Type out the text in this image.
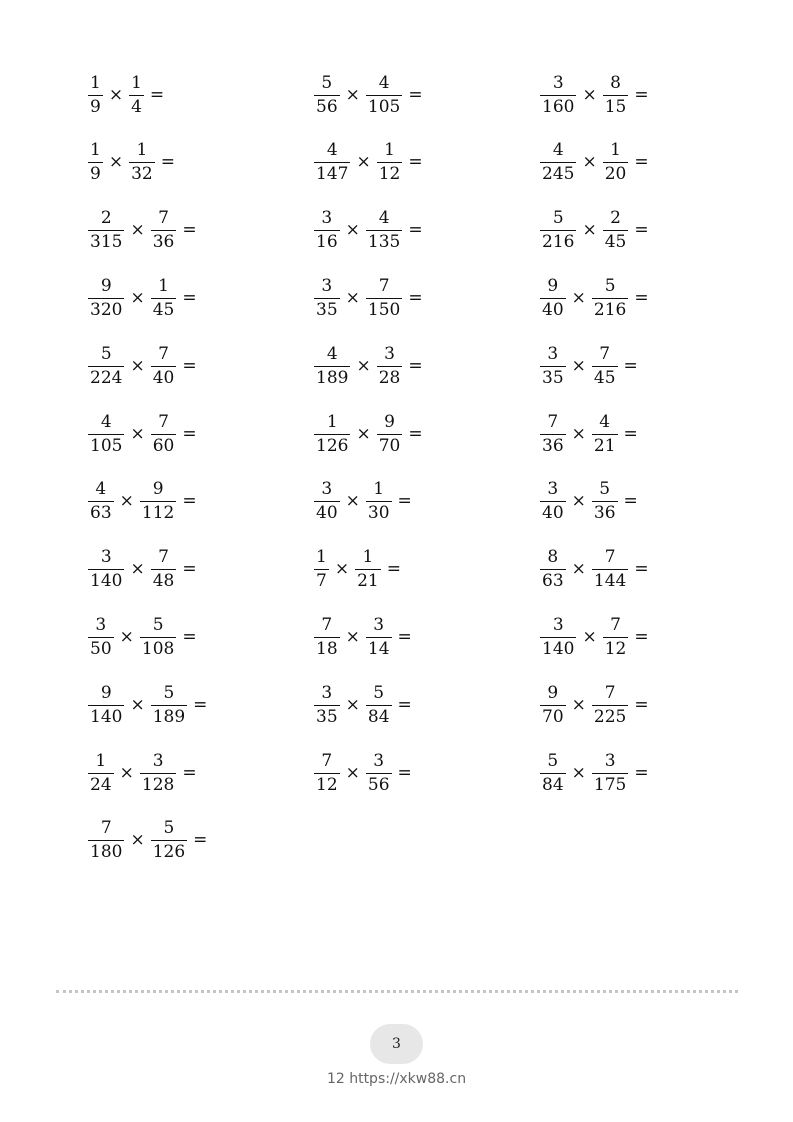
$\frac{1}{9} \times \frac{1}{4}$ =	$\frac{5}{56} \times \frac{4}{105}$ =	$\frac{3}{160} \times \frac{8}{15}$ =
$\frac{1}{9} \times \frac{1}{32}$ =	$\frac{4}{147} \times \frac{1}{12}$ =	$\frac{4}{245} \times \frac{1}{20}$ =
$\frac{2}{315} \times \frac{7}{36}$ =	$\frac{3}{16} \times \frac{4}{135}$ =	$\frac{5}{216} \times \frac{2}{45}$ =
$\frac{9}{320} \times \frac{1}{45}$ =	$\frac{3}{35} \times \frac{7}{150}$ =	$\frac{9}{40} \times \frac{5}{216}$ =
$\frac{5}{224} \times \frac{7}{40}$ =	$\frac{4}{189} \times \frac{3}{28}$ =	$\frac{3}{35} \times \frac{7}{45}$ =
$\frac{4}{105} \times \frac{7}{60}$ =	$\frac{1}{126} \times \frac{9}{70}$ =	$\frac{7}{36} \times \frac{4}{21}$ =
$\frac{4}{63} \times \frac{9}{112}$ =	$\frac{3}{40} \times \frac{1}{30}$ =	$\frac{3}{40} \times \frac{5}{36}$ =
$\frac{3}{140} \times \frac{7}{48}$ =	$\frac{1}{7} \times \frac{1}{21}$ =	$\frac{8}{63} \times \frac{7}{144}$ =
$\frac{3}{50} \times \frac{5}{108}$ =	$\frac{7}{18} \times \frac{3}{14}$ =	$\frac{3}{140} \times \frac{7}{12}$ =
$\frac{9}{140} \times \frac{5}{189}$ =	$\frac{3}{35} \times \frac{5}{84}$ =	$\frac{9}{70} \times \frac{7}{225}$ =
$\frac{1}{24} \times \frac{3}{128}$ =	$\frac{7}{12} \times \frac{3}{56}$ =	$\frac{5}{84} \times \frac{3}{175}$ =
$\frac{7}{180} \times \frac{5}{126}$ =
3
12 https://xkw88.cn
